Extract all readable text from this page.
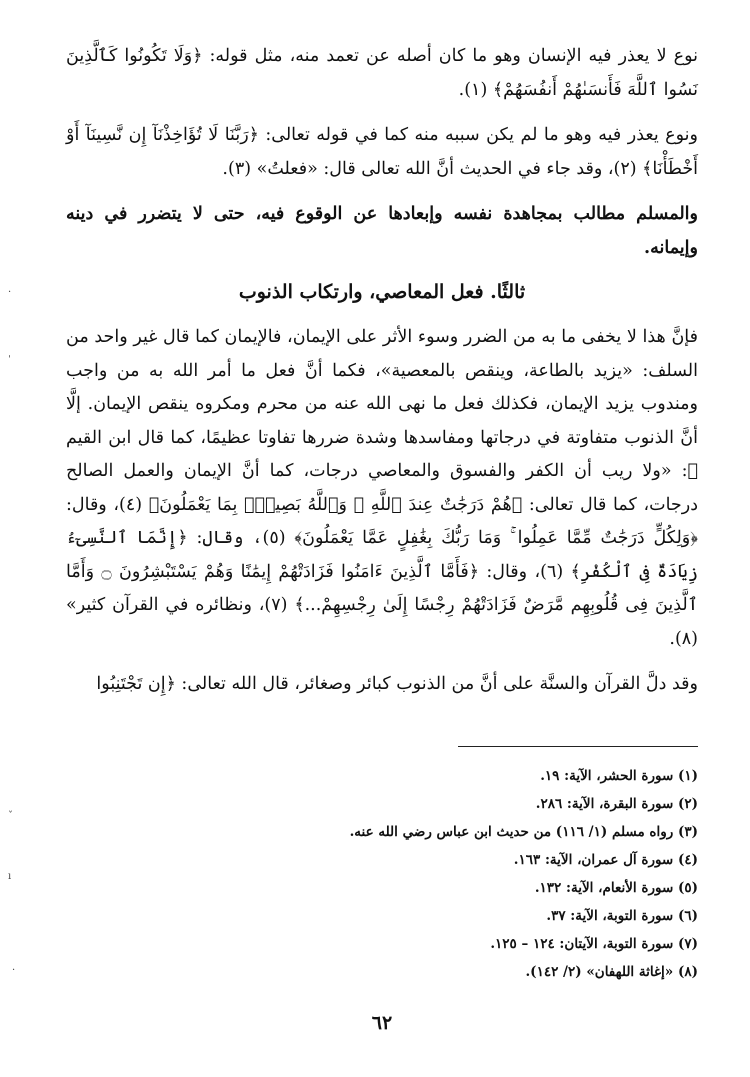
نوع لا يعذر فيه الإنسان وهو ما كان أصله عن تعمد منه، مثل قوله: ﴿وَلَا تَكُونُوا كَٱلَّذِينَ نَسُوا ٱللَّهَ فَأَنسَىٰهُمْ أَنفُسَهُمْ﴾ (١).

ونوع يعذر فيه وهو ما لم يكن سببه منه كما في قوله تعالى: ﴿رَبَّنَا لَا تُؤَاخِذْنَآ إِن نَّسِينَآ أَوْ أَخْطَأْنَا﴾ (٢)، وقد جاء في الحديث أنَّ الله تعالى قال: «فعلتُ» (٣).

والمسلم مطالب بمجاهدة نفسه وإبعادها عن الوقوع فيه، حتى لا يتضرر في دينه وإيمانه.

ثالثًا. فعل المعاصي، وارتكاب الذنوب

فإنَّ هذا لا يخفى ما به من الضرر وسوء الأثر على الإيمان، فالإيمان كما قال غير واحد من السلف: «يزيد بالطاعة، وينقص بالمعصية»، فكما أنَّ فعل ما أمر الله به من واجب ومندوب يزيد الإيمان، فكذلك فعل ما نهى الله عنه من محرم ومكروه ينقص الإيمان. إلَّا أنَّ الذنوب متفاوتة في درجاتها ومفاسدها وشدة ضررها تفاوتا عظيمًا، كما قال ابن القيم ﷺ: «ولا ريب أن الكفر والفسوق والمعاصي درجات، كما أنَّ الإيمان والعمل الصالح درجات، كما قال تعالى: ﴿هُمْ دَرَجَٰتٌ عِندَ ٱللَّهِ ۗ وَٱللَّهُ بَصِيرٌۢ بِمَا يَعْمَلُونَ﴾ (٤)، وقال: ﴿وَلِكُلٍّ دَرَجَٰتٌ مِّمَّا عَمِلُوا ۚ وَمَا رَبُّكَ بِغَٰفِلٍ عَمَّا يَعْمَلُونَ﴾ (٥)، وقال: ﴿إِنَّمَا ٱلنَّسِىٓءُ زِيَادَةٌ فِى ٱلْكُفْرِ﴾ (٦)، وقال: ﴿فَأَمَّا ٱلَّذِينَ ءَامَنُوا فَزَادَتْهُمْ إِيمَٰنًا وَهُمْ يَسْتَبْشِرُونَ ۝ وَأَمَّا ٱلَّذِينَ فِى قُلُوبِهِم مَّرَضٌ فَزَادَتْهُمْ رِجْسًا إِلَىٰ رِجْسِهِمْ...﴾ (٧)، ونظائره في القرآن كثير» (٨).

وقد دلَّ القرآن والسنَّة على أنَّ من الذنوب كبائر وصغائر، قال الله تعالى: ﴿إِن تَجْتَنِبُوا

(١) سورة الحشر، الآية: ١٩.
(٢) سورة البقرة، الآية: ٢٨٦.
(٣) رواه مسلم (١/ ١١٦) من حديث ابن عباس رضي الله عنه.
(٤) سورة آل عمران، الآية: ١٦٣.
(٥) سورة الأنعام، الآية: ١٣٢.
(٦) سورة التوبة، الآية: ٣٧.
(٧) سورة التوبة، الآيتان: ١٢٤ – ١٢٥.
(٨) «إغاثة اللهفان» (٢/ ١٤٢).
٦٢
·
ˈ
ˇ
ı
·
